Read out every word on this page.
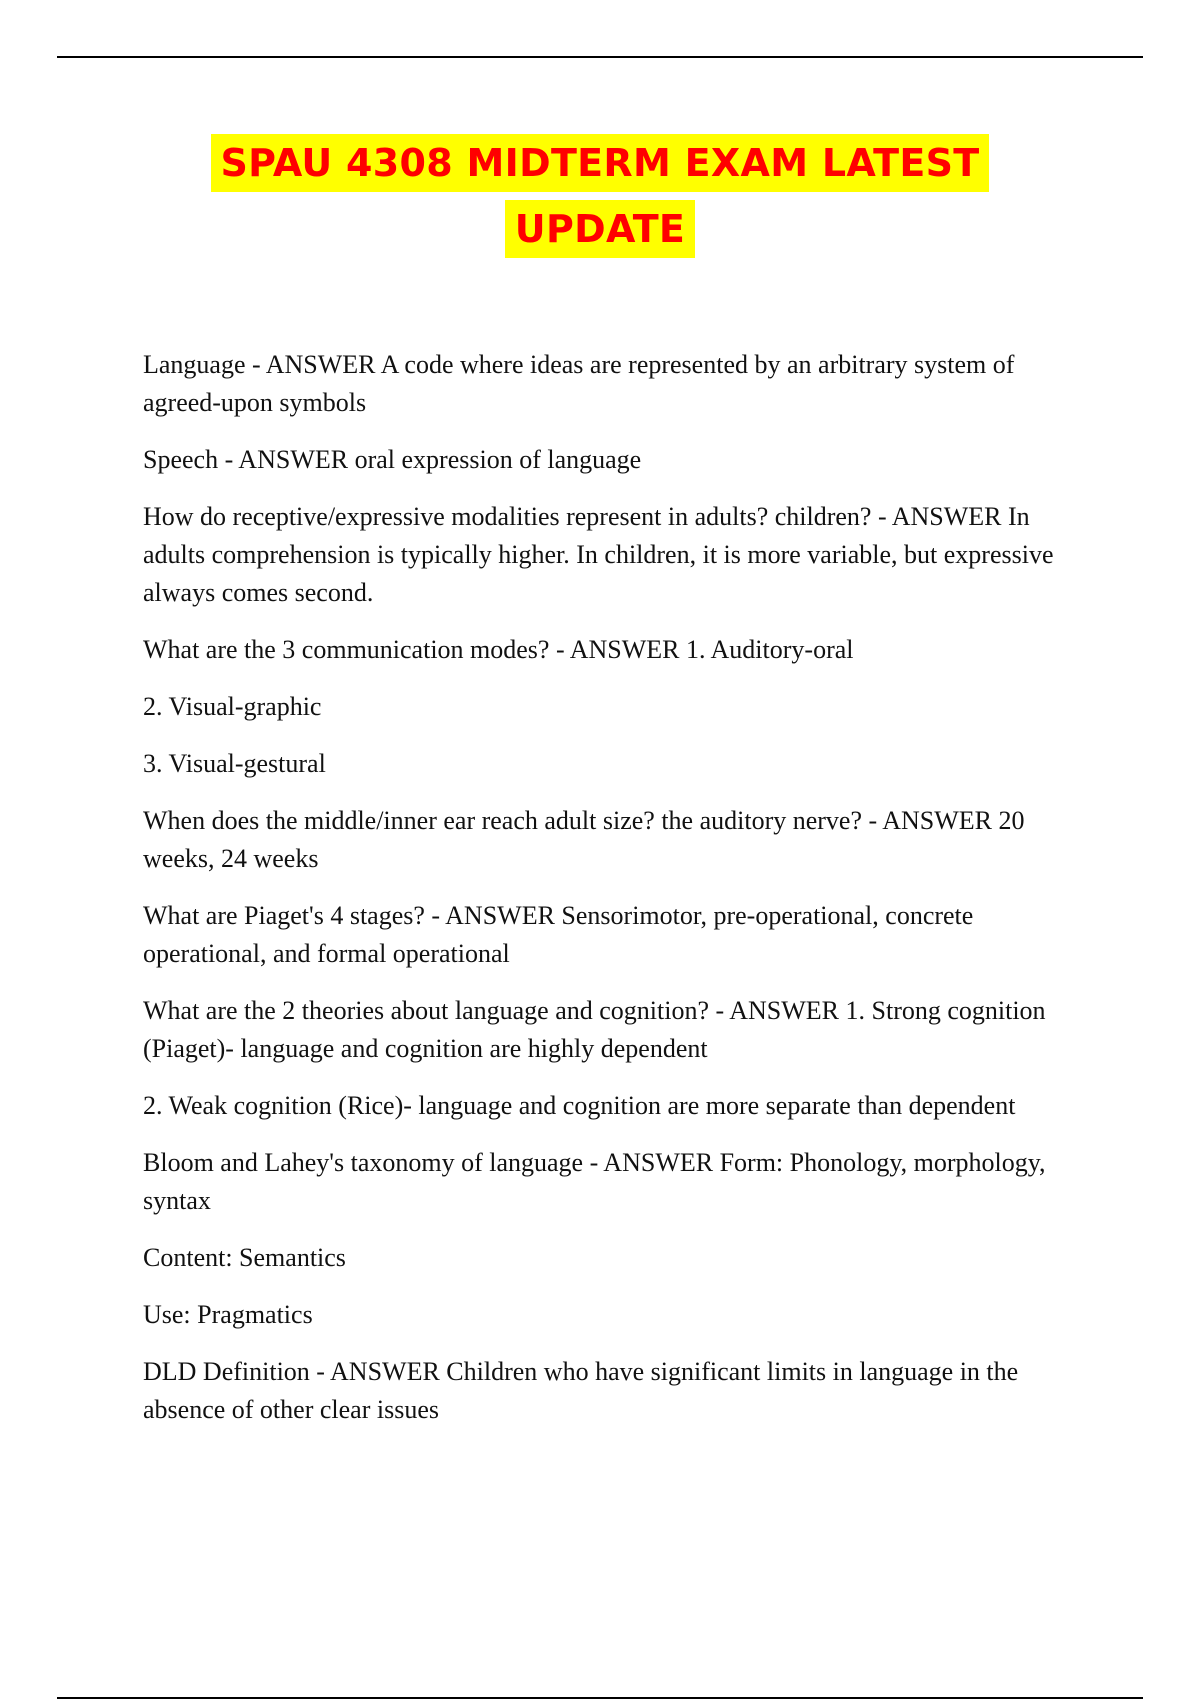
SPAU 4308 MIDTERM EXAM LATEST
UPDATE

Language - ANSWER A code where ideas are represented by an arbitrary system of agreed-upon symbols

Speech - ANSWER oral expression of language

How do receptive/expressive modalities represent in adults? children? - ANSWER In adults comprehension is typically higher. In children, it is more variable, but expressive always comes second.

What are the 3 communication modes? - ANSWER 1. Auditory-oral

2. Visual-graphic

3. Visual-gestural

When does the middle/inner ear reach adult size? the auditory nerve? - ANSWER 20 weeks, 24 weeks

What are Piaget's 4 stages? - ANSWER Sensorimotor, pre-operational, concrete operational, and formal operational

What are the 2 theories about language and cognition? - ANSWER 1. Strong cognition (Piaget)- language and cognition are highly dependent

2. Weak cognition (Rice)- language and cognition are more separate than dependent

Bloom and Lahey's taxonomy of language - ANSWER Form: Phonology, morphology, syntax

Content: Semantics

Use: Pragmatics

DLD Definition - ANSWER Children who have significant limits in language in the absence of other clear issues
